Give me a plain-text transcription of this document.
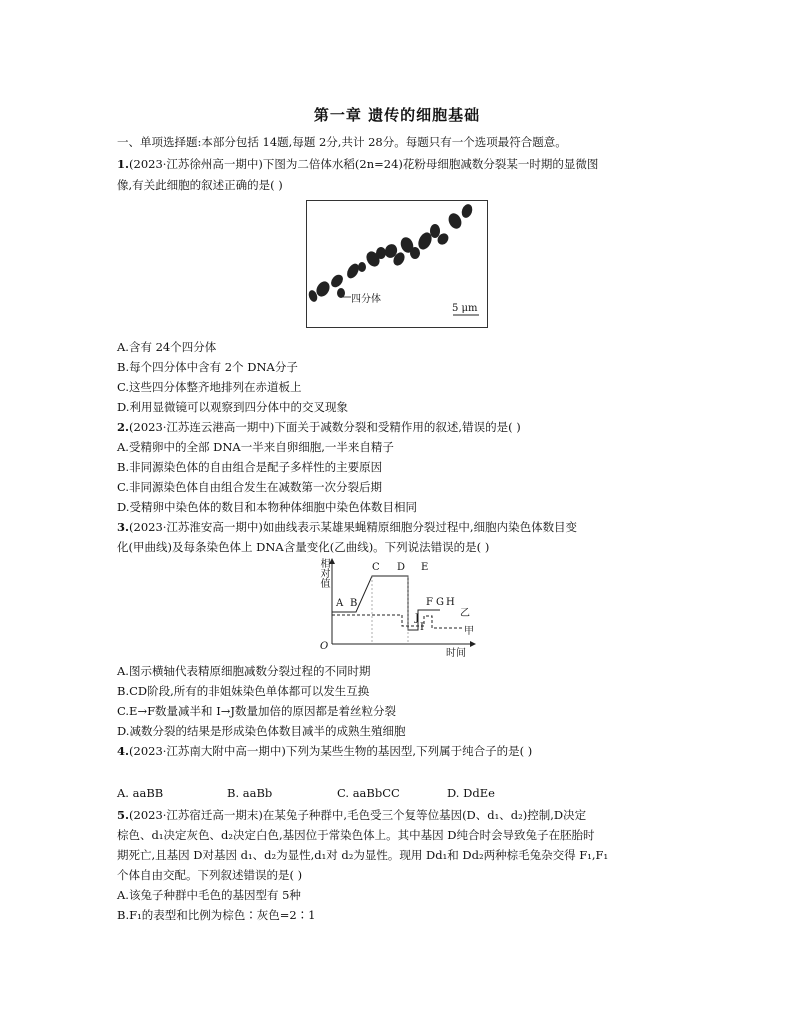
第一章 遗传的细胞基础
一、单项选择题:本部分包括 14题,每题 2分,共计 28分。每题只有一个选项最符合题意。
1.(2023·江苏徐州高一期中)下图为二倍体水稻(2n=24)花粉母细胞减数分裂某一时期的显微图
像,有关此细胞的叙述正确的是( )
四分体
5 μm
A.含有 24个四分体
B.每个四分体中含有 2个 DNA分子
C.这些四分体整齐地排列在赤道板上
D.利用显微镜可以观察到四分体中的交叉现象
2.(2023·江苏连云港高一期中)下面关于减数分裂和受精作用的叙述,错误的是( )
A.受精卵中的全部 DNA一半来自卵细胞,一半来自精子
B.非同源染色体的自由组合是配子多样性的主要原因
C.非同源染色体自由组合发生在减数第一次分裂后期
D.受精卵中染色体的数目和本物种体细胞中染色体数目相同
3.(2023·江苏淮安高一期中)如曲线表示某雄果蝇精原细胞分裂过程中,细胞内染色体数目变
化(甲曲线)及每条染色体上 DNA含量变化(乙曲线)。下列说法错误的是( )
相对值
时间
O
A B
C D E
F G H
I
J	乙
甲
A.图示横轴代表精原细胞减数分裂过程的不同时期
B.CD阶段,所有的非姐妹染色单体都可以发生互换
C.E→F数量减半和 I→J数量加倍的原因都是着丝粒分裂
D.减数分裂的结果是形成染色体数目减半的成熟生殖细胞
4.(2023·江苏南大附中高一期中)下列为某些生物的基因型,下列属于纯合子的是( )
A. aaBB	B. aaBb	C. aaBbCC	D. DdEe
5.(2023·江苏宿迁高一期末)在某兔子种群中,毛色受三个复等位基因(D、d₁、d₂)控制,D决定
棕色、d₁决定灰色、d₂决定白色,基因位于常染色体上。其中基因 D纯合时会导致兔子在胚胎时
期死亡,且基因 D对基因 d₁、d₂为显性,d₁对 d₂为显性。现用 Dd₁和 Dd₂两种棕毛兔杂交得 F₁,F₁
个体自由交配。下列叙述错误的是( )
A.该兔子种群中毛色的基因型有 5种
B.F₁的表型和比例为棕色∶灰色=2∶1
